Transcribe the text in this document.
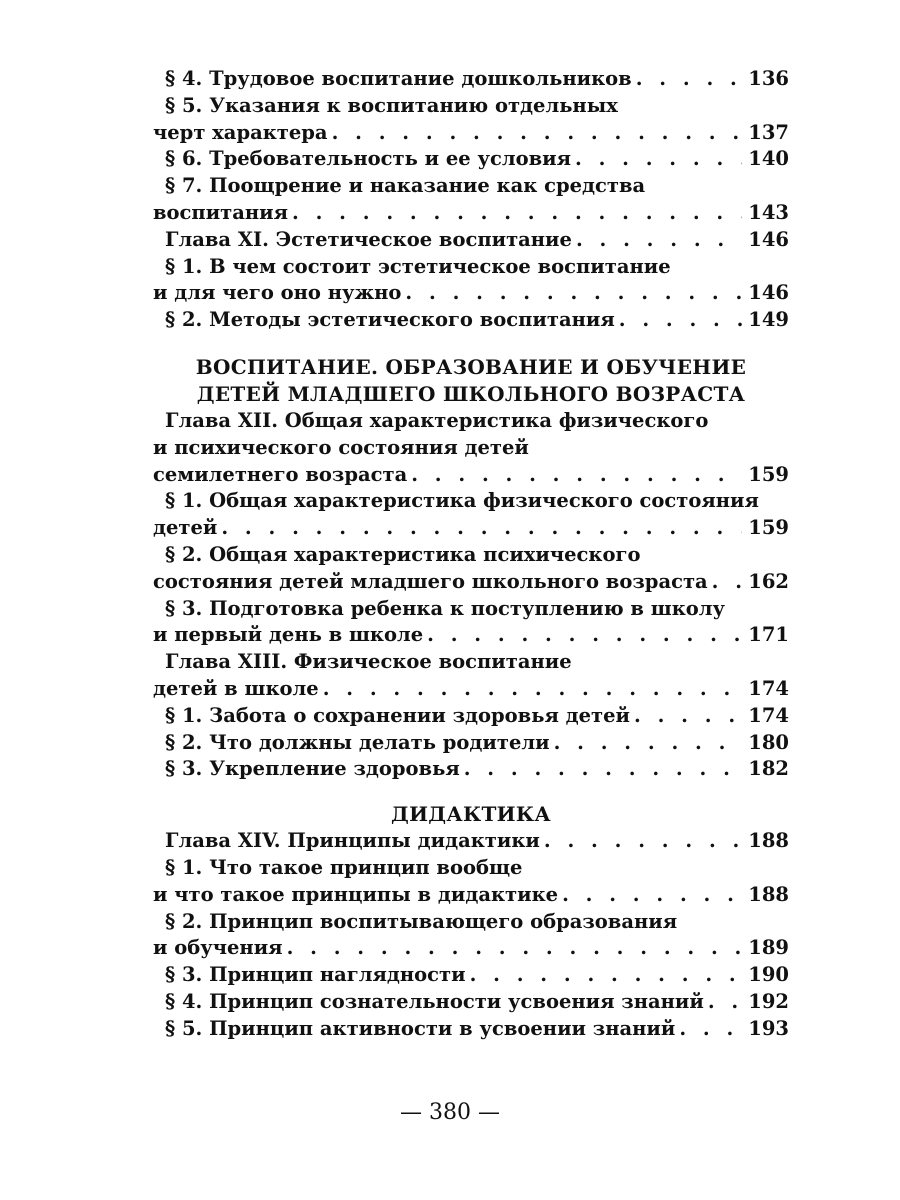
§ 4. Трудовое воспитание дошкольников . . .	136
§ 5. Указания к воспитанию отдельных
черт характера . . .	137
§ 6. Требовательность и ее условия . . .	140
§ 7. Поощрение и наказание как средства
воспитания . . .	143
Глава XI. Эстетическое воспитание . . .	146
§ 1. В чем состоит эстетическое воспитание
и для чего оно нужно . . .	146
§ 2. Методы эстетического воспитания . . .	149
ВОСПИТАНИЕ. ОБРАЗОВАНИЕ И ОБУЧЕНИЕ
ДЕТЕЙ МЛАДШЕГО ШКОЛЬНОГО ВОЗРАСТА
Глава XII. Общая характеристика физического
и психического состояния детей
семилетнего возраста . . .	159
§ 1. Общая характеристика физического состояния
детей . . .	159
§ 2. Общая характеристика психического
состояния детей младшего школьного возраста . . . 162
§ 3. Подготовка ребенка к поступлению в школу
и первый день в школе . . .	171
Глава XIII. Физическое воспитание
детей в школе . . .	174
§ 1. Забота о сохранении здоровья детей . . .	174
§ 2. Что должны делать родители . . .	180
§ 3. Укрепление здоровья . . .	182
ДИДАКТИКА
Глава XIV. Принципы дидактики . . .	188
§ 1. Что такое принцип вообще
и что такое принципы в дидактике . . .	188
§ 2. Принцип воспитывающего образования
и обучения . . .	189
§ 3. Принцип наглядности . . .	190
§ 4. Принцип сознательности усвоения знаний . . . 192
§ 5. Принцип активности в усвоении знаний . . .	193
— 380 —
